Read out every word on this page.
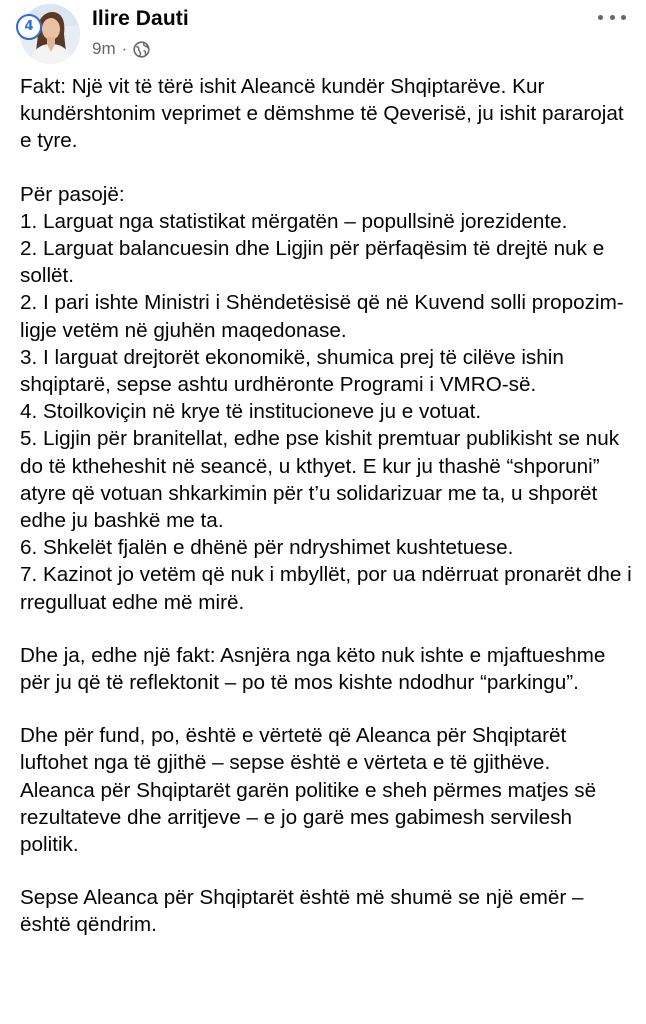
4	Ilire Dauti
9m ·

Fakt: Një vit të tërë ishit Aleancë kundër Shqiptarëve. Kur kundërshtonim veprimet e dëmshme të Qeverisë, ju ishit pararojat e tyre.

Për pasojë:

1. Larguat nga statistikat mërgatën – popullsinë jorezidente.

2. Larguat balancuesin dhe Ligjin për përfaqësim të drejtë nuk e sollët.

2. I pari ishte Ministri i Shëndetësisë që në Kuvend solli propozim-ligje vetëm në gjuhën maqedonase.

3. I larguat drejtorët ekonomikë, shumica prej të cilëve ishin shqiptarë, sepse ashtu urdhëronte Programi i VMRO-së.

4. Stoilkoviçin në krye të institucioneve ju e votuat.

5. Ligjin për branitellat, edhe pse kishit premtuar publikisht se nuk do të ktheheshit në seancë, u kthyet. E kur ju thashë “shporuni” atyre që votuan shkarkimin për t’u solidarizuar me ta, u shporët edhe ju bashkë me ta.

6. Shkelët fjalën e dhënë për ndryshimet kushtetuese.

7. Kazinot jo vetëm që nuk i mbyllët, por ua ndërruat pronarët dhe i rregulluat edhe më mirë.

Dhe ja, edhe një fakt: Asnjëra nga këto nuk ishte e mjaftueshme për ju që të reflektonit – po të mos kishte ndodhur “parkingu”.

Dhe për fund, po, është e vërtetë që Aleanca për Shqiptarët luftohet nga të gjithë – sepse është e vërteta e të gjithëve.

Aleanca për Shqiptarët garën politike e sheh përmes matjes së rezultateve dhe arritjeve – e jo garë mes gabimesh servilesh politik.

Sepse Aleanca për Shqiptarët është më shumë se një emër – është qëndrim.
